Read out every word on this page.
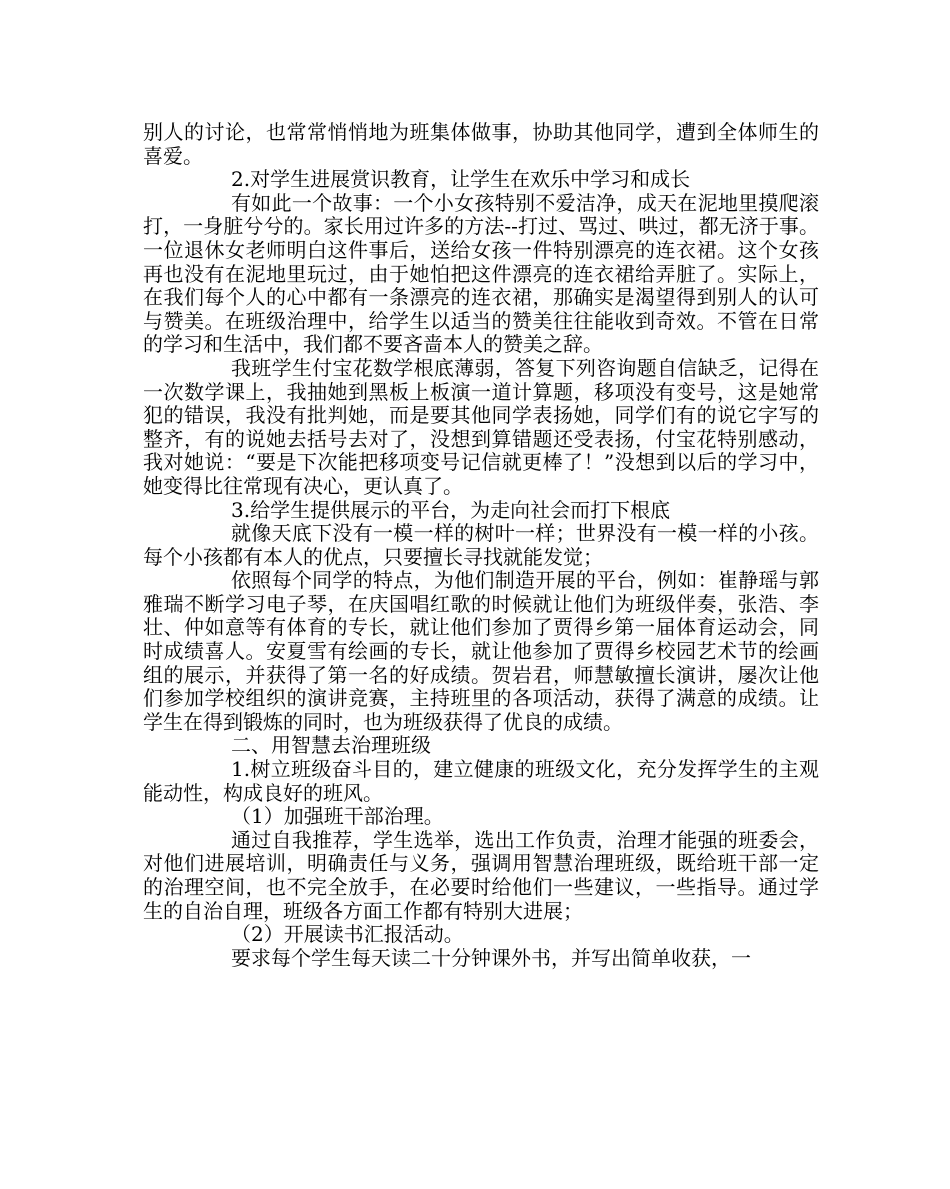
别人的讨论，也常常悄悄地为班集体做事，协助其他同学，遭到全体师生的喜爱。

2.对学生进展赏识教育，让学生在欢乐中学习和成长

有如此一个故事：一个小女孩特别不爱洁净，成天在泥地里摸爬滚打，一身脏兮兮的。家长用过许多的方法--打过、骂过、哄过，都无济于事。一位退休女老师明白这件事后，送给女孩一件特别漂亮的连衣裙。这个女孩再也没有在泥地里玩过，由于她怕把这件漂亮的连衣裙给弄脏了。实际上，在我们每个人的心中都有一条漂亮的连衣裙，那确实是渴望得到别人的认可与赞美。在班级治理中，给学生以适当的赞美往往能收到奇效。不管在日常的学习和生活中，我们都不要吝啬本人的赞美之辞。

我班学生付宝花数学根底薄弱，答复下列咨询题自信缺乏，记得在一次数学课上，我抽她到黑板上板演一道计算题，移项没有变号，这是她常犯的错误，我没有批判她，而是要其他同学表扬她，同学们有的说它字写的整齐，有的说她去括号去对了，没想到算错题还受表扬，付宝花特别感动，我对她说：“要是下次能把移项变号记信就更棒了！”没想到以后的学习中，她变得比往常现有决心，更认真了。

3.给学生提供展示的平台，为走向社会而打下根底

就像天底下没有一模一样的树叶一样；世界没有一模一样的小孩。每个小孩都有本人的优点，只要擅长寻找就能发觉；

依照每个同学的特点，为他们制造开展的平台，例如：崔静瑶与郭雅瑞不断学习电子琴，在庆国唱红歌的时候就让他们为班级伴奏，张浩、李壮、仲如意等有体育的专长，就让他们参加了贾得乡第一届体育运动会，同时成绩喜人。安夏雪有绘画的专长，就让他参加了贾得乡校园艺术节的绘画组的展示，并获得了第一名的好成绩。贺岩君，师慧敏擅长演讲，屡次让他们参加学校组织的演讲竞赛，主持班里的各项活动，获得了满意的成绩。让学生在得到锻炼的同时，也为班级获得了优良的成绩。

二、用智慧去治理班级

1.树立班级奋斗目的，建立健康的班级文化，充分发挥学生的主观能动性，构成良好的班风。

（1）加强班干部治理。

通过自我推荐，学生选举，选出工作负责，治理才能强的班委会，对他们进展培训，明确责任与义务，强调用智慧治理班级，既给班干部一定的治理空间，也不完全放手，在必要时给他们一些建议，一些指导。通过学生的自治自理，班级各方面工作都有特别大进展；

（2）开展读书汇报活动。

要求每个学生每天读二十分钟课外书，并写出简单收获，一
